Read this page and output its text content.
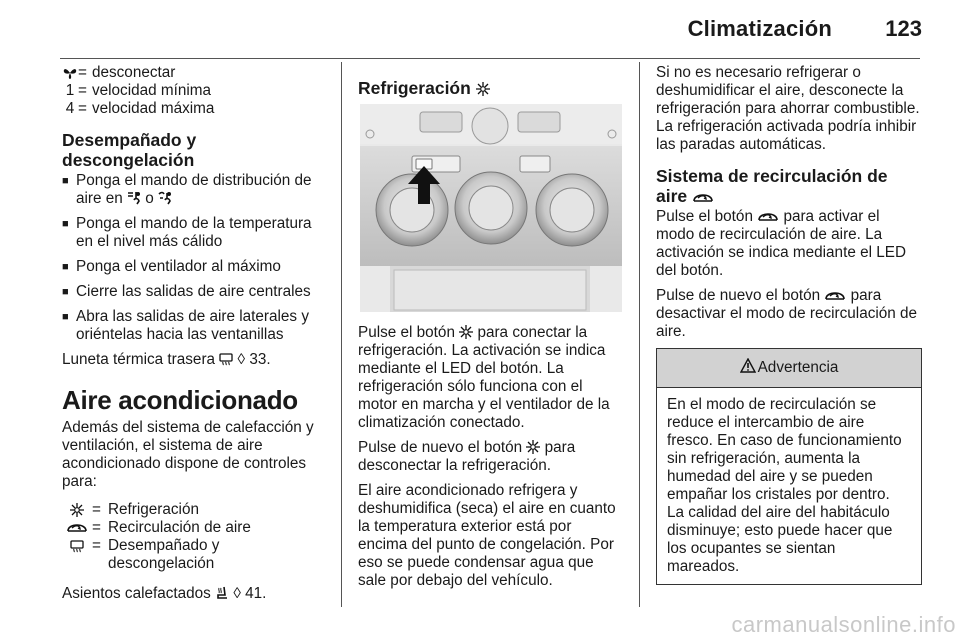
Climatización 123
= desconectar
1 = velocidad mínima
4 = velocidad máxima
Desempañado y descongelación
■ Ponga el mando de distribución de aire en o
■ Ponga el mando de la temperatura en el nivel más cálido
■ Ponga el ventilador al máximo
■ Cierre las salidas de aire centrales
■ Abra las salidas de aire laterales y oriéntelas hacia las ventanillas

Luneta térmica trasera ◊ 33.

Aire acondicionado

Además del sistema de calefacción y ventilación, el sistema de aire acondicionado dispone de controles para:

= Refrigeración
= Recirculación de aire
= Desempañado y descongelación

Asientos calefactados ◊ 41.

Refrigeración

Pulse el botón para conectar la refrigeración. La activación se indica mediante el LED del botón. La refrigeración sólo funciona con el motor en marcha y el ventilador de la climatización conectado.

Pulse de nuevo el botón para desconectar la refrigeración.

El aire acondicionado refrigera y deshumidifica (seca) el aire en cuanto la temperatura exterior está por encima del punto de congelación. Por eso se puede condensar agua que sale por debajo del vehículo.

Si no es necesario refrigerar o deshumidificar el aire, desconecte la refrigeración para ahorrar combustible. La refrigeración activada podría inhibir las paradas automáticas.

Sistema de recirculación de aire

Pulse el botón para activar el modo de recirculación de aire. La activación se indica mediante el LED del botón.

Pulse de nuevo el botón para desactivar el modo de recirculación de aire.

Advertencia
En el modo de recirculación se reduce el intercambio de aire fresco. En caso de funcionamiento sin refrigeración, aumenta la humedad del aire y se pueden empañar los cristales por dentro. La calidad del aire del habitáculo disminuye; esto puede hacer que los ocupantes se sientan mareados.
carmanualsonline.info
